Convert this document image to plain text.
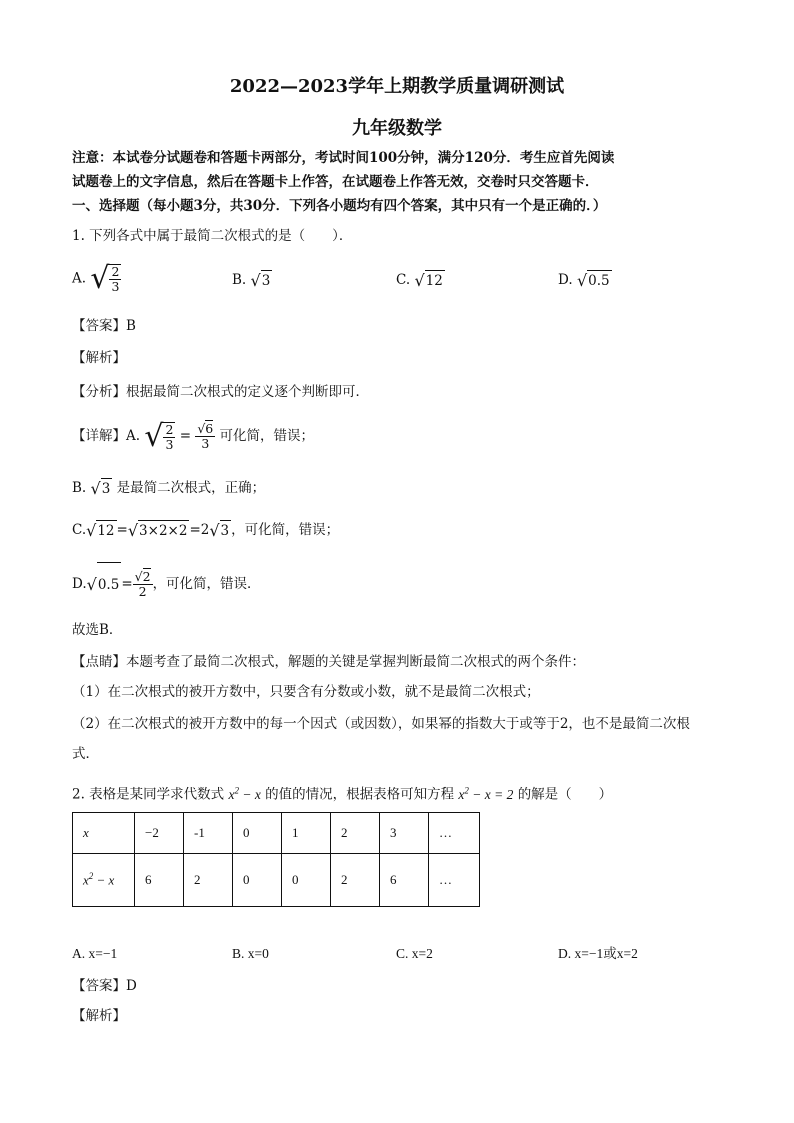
2022—2023学年上期教学质量调研测试
九年级数学
注意：本试卷分试题卷和答题卡两部分，考试时间100分钟，满分120分．考生应首先阅读
试题卷上的文字信息，然后在答题卡上作答，在试题卷上作答无效，交卷时只交答题卡．
一、选择题（每小题3分，共30分．下列各小题均有四个答案，其中只有一个是正确的．）
1. 下列各式中属于最简二次根式的是（　　）．
A. √ $\frac{2}{3}$	B. √3	C. √12	D. √0.5
【答案】B
【解析】
【分析】根据最简二次根式的定义逐个判断即可．
【详解】A. √ $\frac{2}{3} = \frac{√6}{3}$ 可化简，错误；
B. √3 是最简二次根式，正确；
C.√12 =√3×2×2 =2√3 ，可化简，错误；
$D.√0.5 = \frac{√2}{2}$ ，可化简，错误．
故选B．
【点睛】本题考查了最简二次根式，解题的关键是掌握判断最简二次根式的两个条件：
（1）在二次根式的被开方数中，只要含有分数或小数，就不是最简二次根式；
（2）在二次根式的被开方数中的每一个因式（或因数），如果幂的指数大于或等于2，也不是最简二次根
式．
2. 表格是某同学求代数式 $x^2 - x$ 的值的情况，根据表格可知方程 $x^2 - x = 2$ 的解是（　　）
x	−2	-1	0	1	2	3	…
$x^2 - x$	6	2	0	0	2	6	…
A. x=−1	B. x=0	C. x=2	D. x=−1或x=2
【答案】D
【解析】
